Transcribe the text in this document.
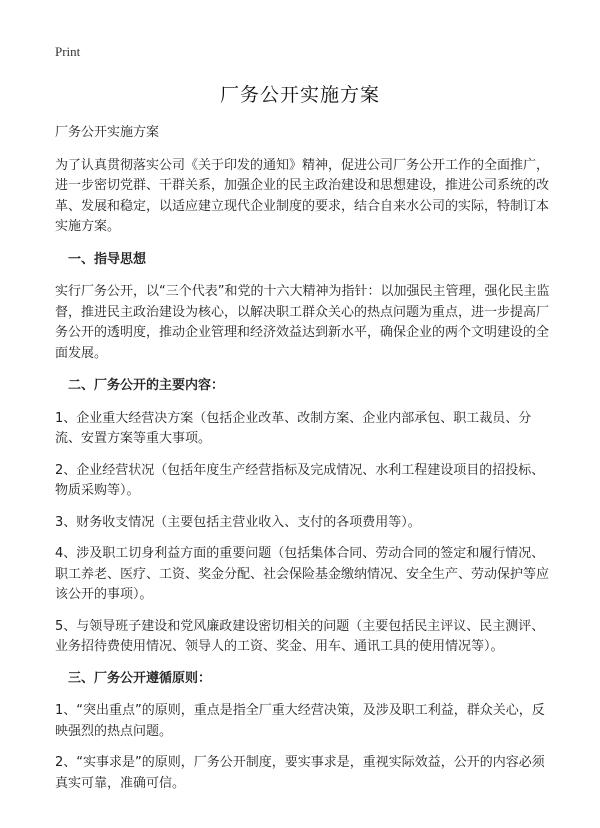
Print
厂务公开实施方案

厂务公开实施方案

为了认真贯彻落实公司《关于印发的通知》精神，促进公司厂务公开工作的全面推广，进一步密切党群、干群关系，加强企业的民主政治建设和思想建设，推进公司系统的改革、发展和稳定，以适应建立现代企业制度的要求，结合自来水公司的实际，特制订本实施方案。

一、指导思想

实行厂务公开，以“三个代表”和党的十六大精神为指针：以加强民主管理，强化民主监督，推进民主政治建设为核心，以解决职工群众关心的热点问题为重点，进一步提高厂务公开的透明度，推动企业管理和经济效益达到新水平，确保企业的两个文明建设的全面发展。

二、厂务公开的主要内容：

1、企业重大经营决方案（包括企业改革、改制方案、企业内部承包、职工裁员、分流、安置方案等重大事项。

2、企业经营状况（包括年度生产经营指标及完成情况、水利工程建设项目的招投标、物质采购等）。

3、财务收支情况（主要包括主营业收入、支付的各项费用等）。

4、涉及职工切身利益方面的重要问题（包括集体合同、劳动合同的签定和履行情况、职工养老、医疗、工资、奖金分配、社会保险基金缴纳情况、安全生产、劳动保护等应该公开的事项）。

5、与领导班子建设和党风廉政建设密切相关的问题（主要包括民主评议、民主测评、业务招待费使用情况、领导人的工资、奖金、用车、通讯工具的使用情况等）。

三、厂务公开遵循原则：

1、“突出重点”的原则，重点是指全厂重大经营决策，及涉及职工利益，群众关心，反映强烈的热点问题。

2、“实事求是”的原则，厂务公开制度，要实事求是，重视实际效益，公开的内容必须真实可靠，准确可信。
